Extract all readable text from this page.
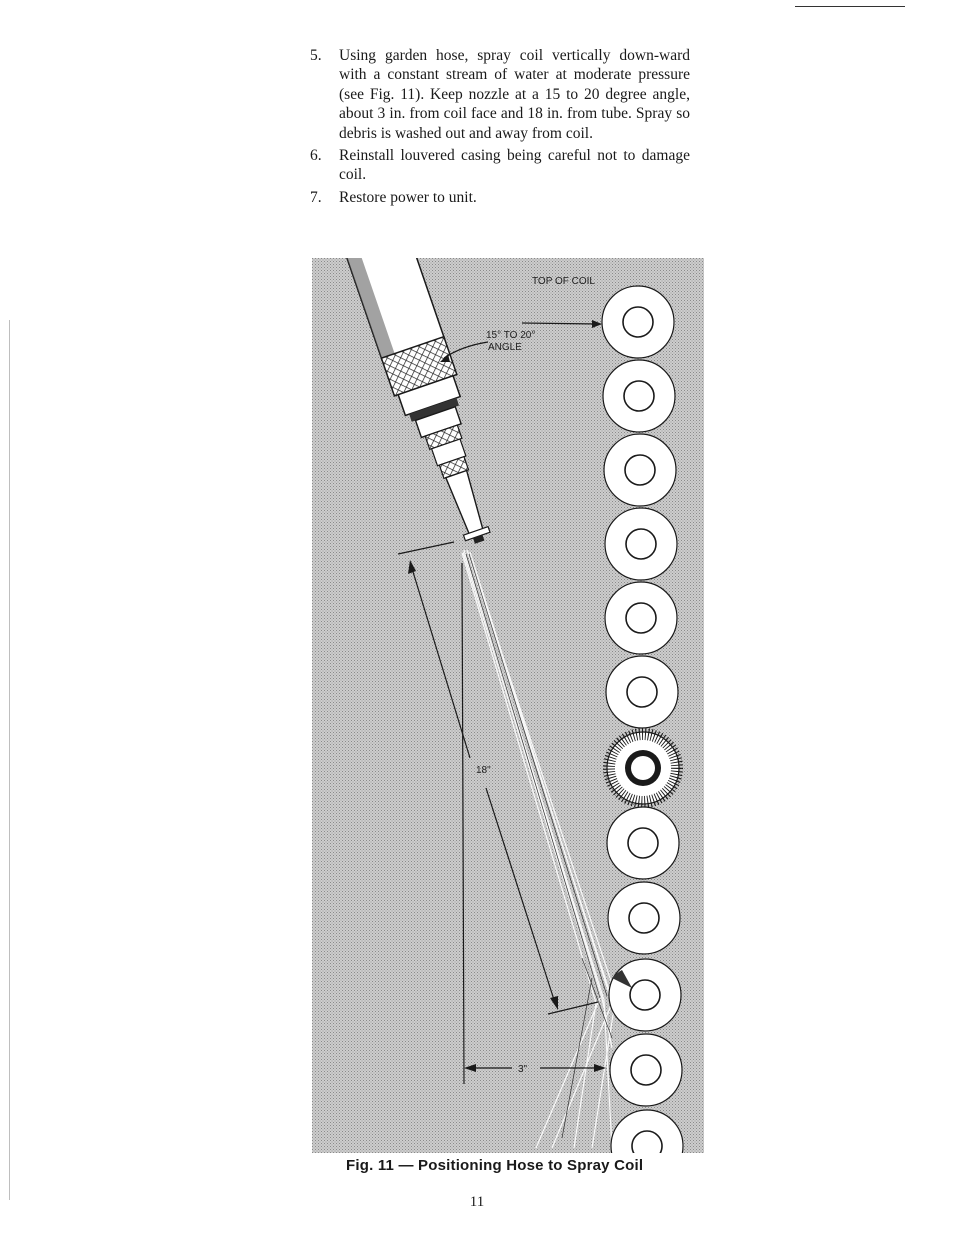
5.	Using garden hose, spray coil vertically down-ward with a constant stream of water at moderate pressure (see Fig. 11). Keep nozzle at a 15 to 20 degree angle, about 3 in. from coil face and 18 in. from tube. Spray so debris is washed out and away from coil.
6.	Reinstall louvered casing being careful not to damage coil.
7.	Restore power to unit.
TOP OF COIL
15° TO 20°
ANGLE
18"
3"
Fig. 11 — Positioning Hose to Spray Coil
11
